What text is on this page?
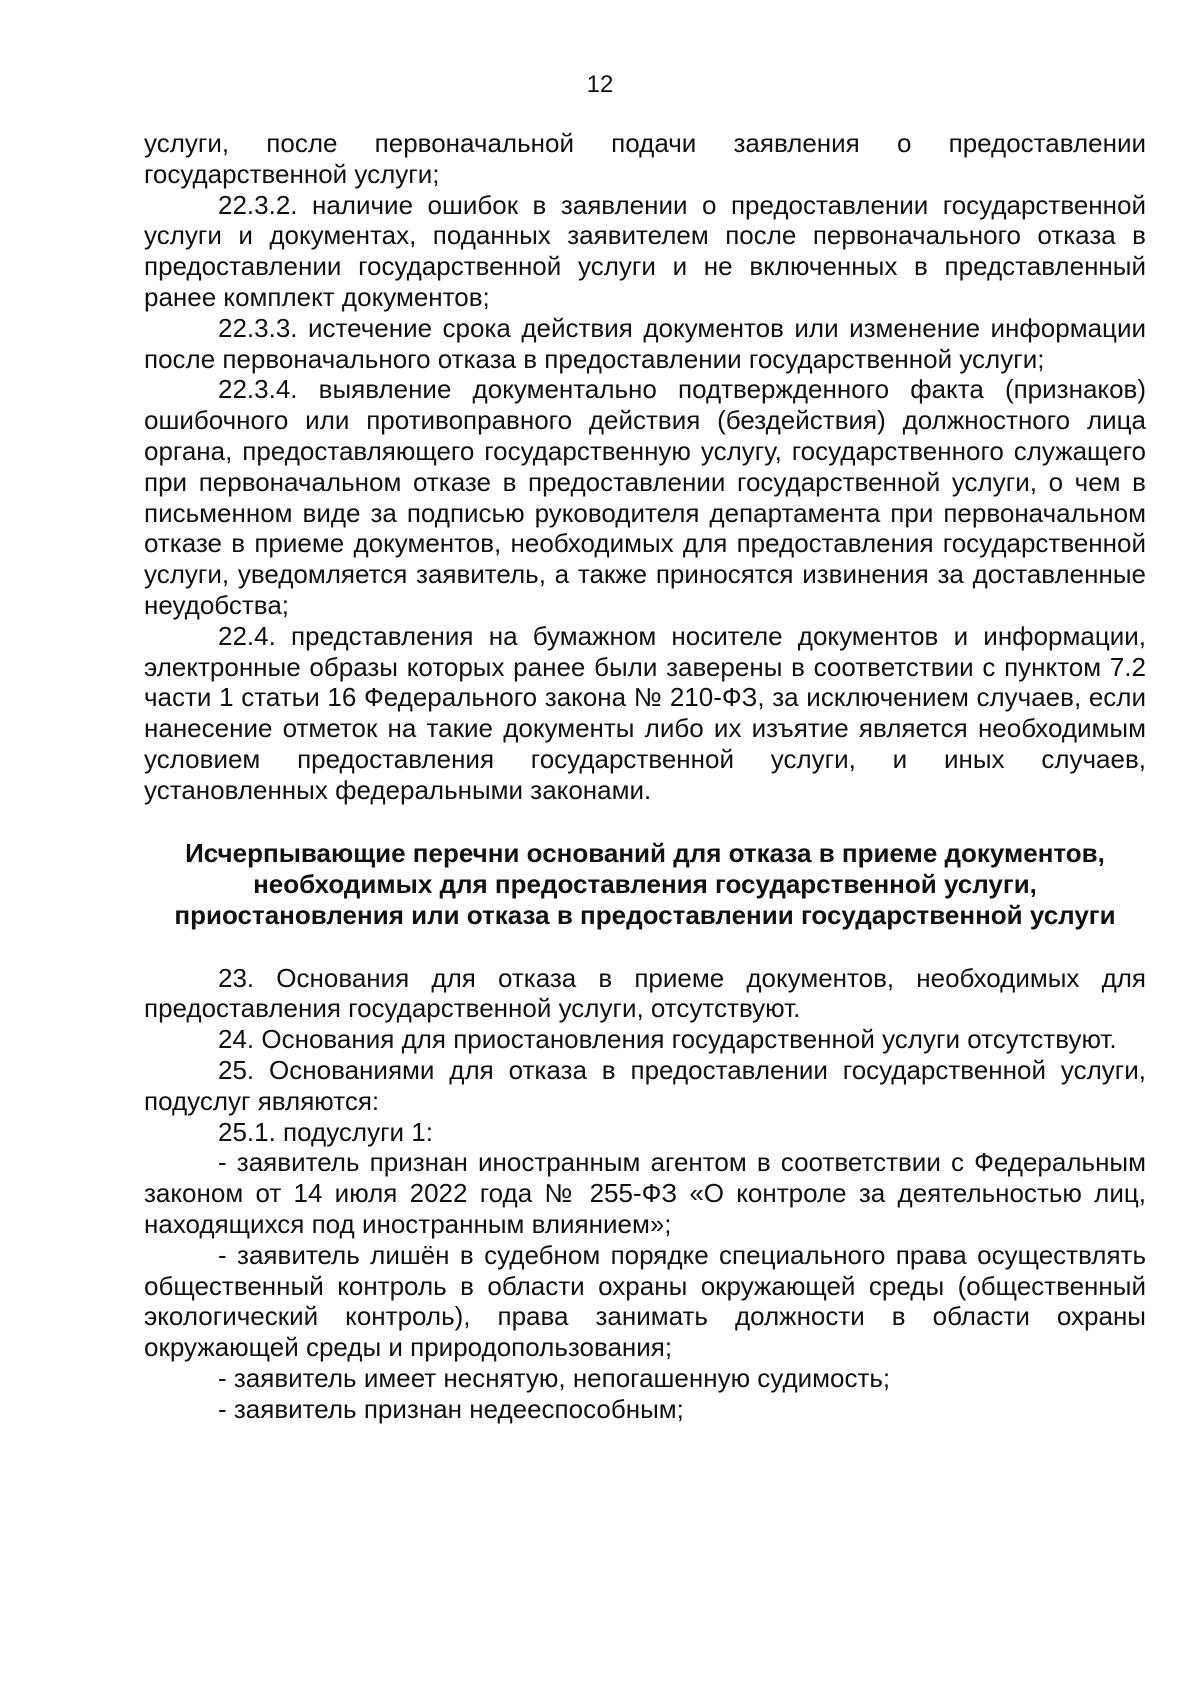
12

услуги, после первоначальной подачи заявления о предоставлении государственной услуги;

22.3.2. наличие ошибок в заявлении о предоставлении государственной услуги и документах, поданных заявителем после первоначального отказа в предоставлении государственной услуги и не включенных в представленный ранее комплект документов;

22.3.3. истечение срока действия документов или изменение информации после первоначального отказа в предоставлении государственной услуги;

22.3.4. выявление документально подтвержденного факта (признаков) ошибочного или противоправного действия (бездействия) должностного лица органа, предоставляющего государственную услугу, государственного служащего при первоначальном отказе в предоставлении государственной услуги, о чем в письменном виде за подписью руководителя департамента при первоначальном отказе в приеме документов, необходимых для предоставления государственной услуги, уведомляется заявитель, а также приносятся извинения за доставленные неудобства;

22.4. представления на бумажном носителе документов и информации, электронные образы которых ранее были заверены в соответствии с пунктом 7.2 части 1 статьи 16 Федерального закона № 210-ФЗ, за исключением случаев, если нанесение отметок на такие документы либо их изъятие является необходимым условием предоставления государственной услуги, и иных случаев, установленных федеральными законами.

Исчерпывающие перечни оснований для отказа в приеме документов, необходимых для предоставления государственной услуги, приостановления или отказа в предоставлении государственной услуги

23. Основания для отказа в приеме документов, необходимых для предоставления государственной услуги, отсутствуют.

24. Основания для приостановления государственной услуги отсутствуют.

25. Основаниями для отказа в предоставлении государственной услуги, подуслуг являются:

25.1. подуслуги 1:

- заявитель признан иностранным агентом в соответствии с Федеральным законом от 14 июля 2022 года № 255-ФЗ «О контроле за деятельностью лиц, находящихся под иностранным влиянием»;

- заявитель лишён в судебном порядке специального права осуществлять общественный контроль в области охраны окружающей среды (общественный экологический контроль), права занимать должности в области охраны окружающей среды и природопользования;

- заявитель имеет неснятую, непогашенную судимость;

- заявитель признан недееспособным;
